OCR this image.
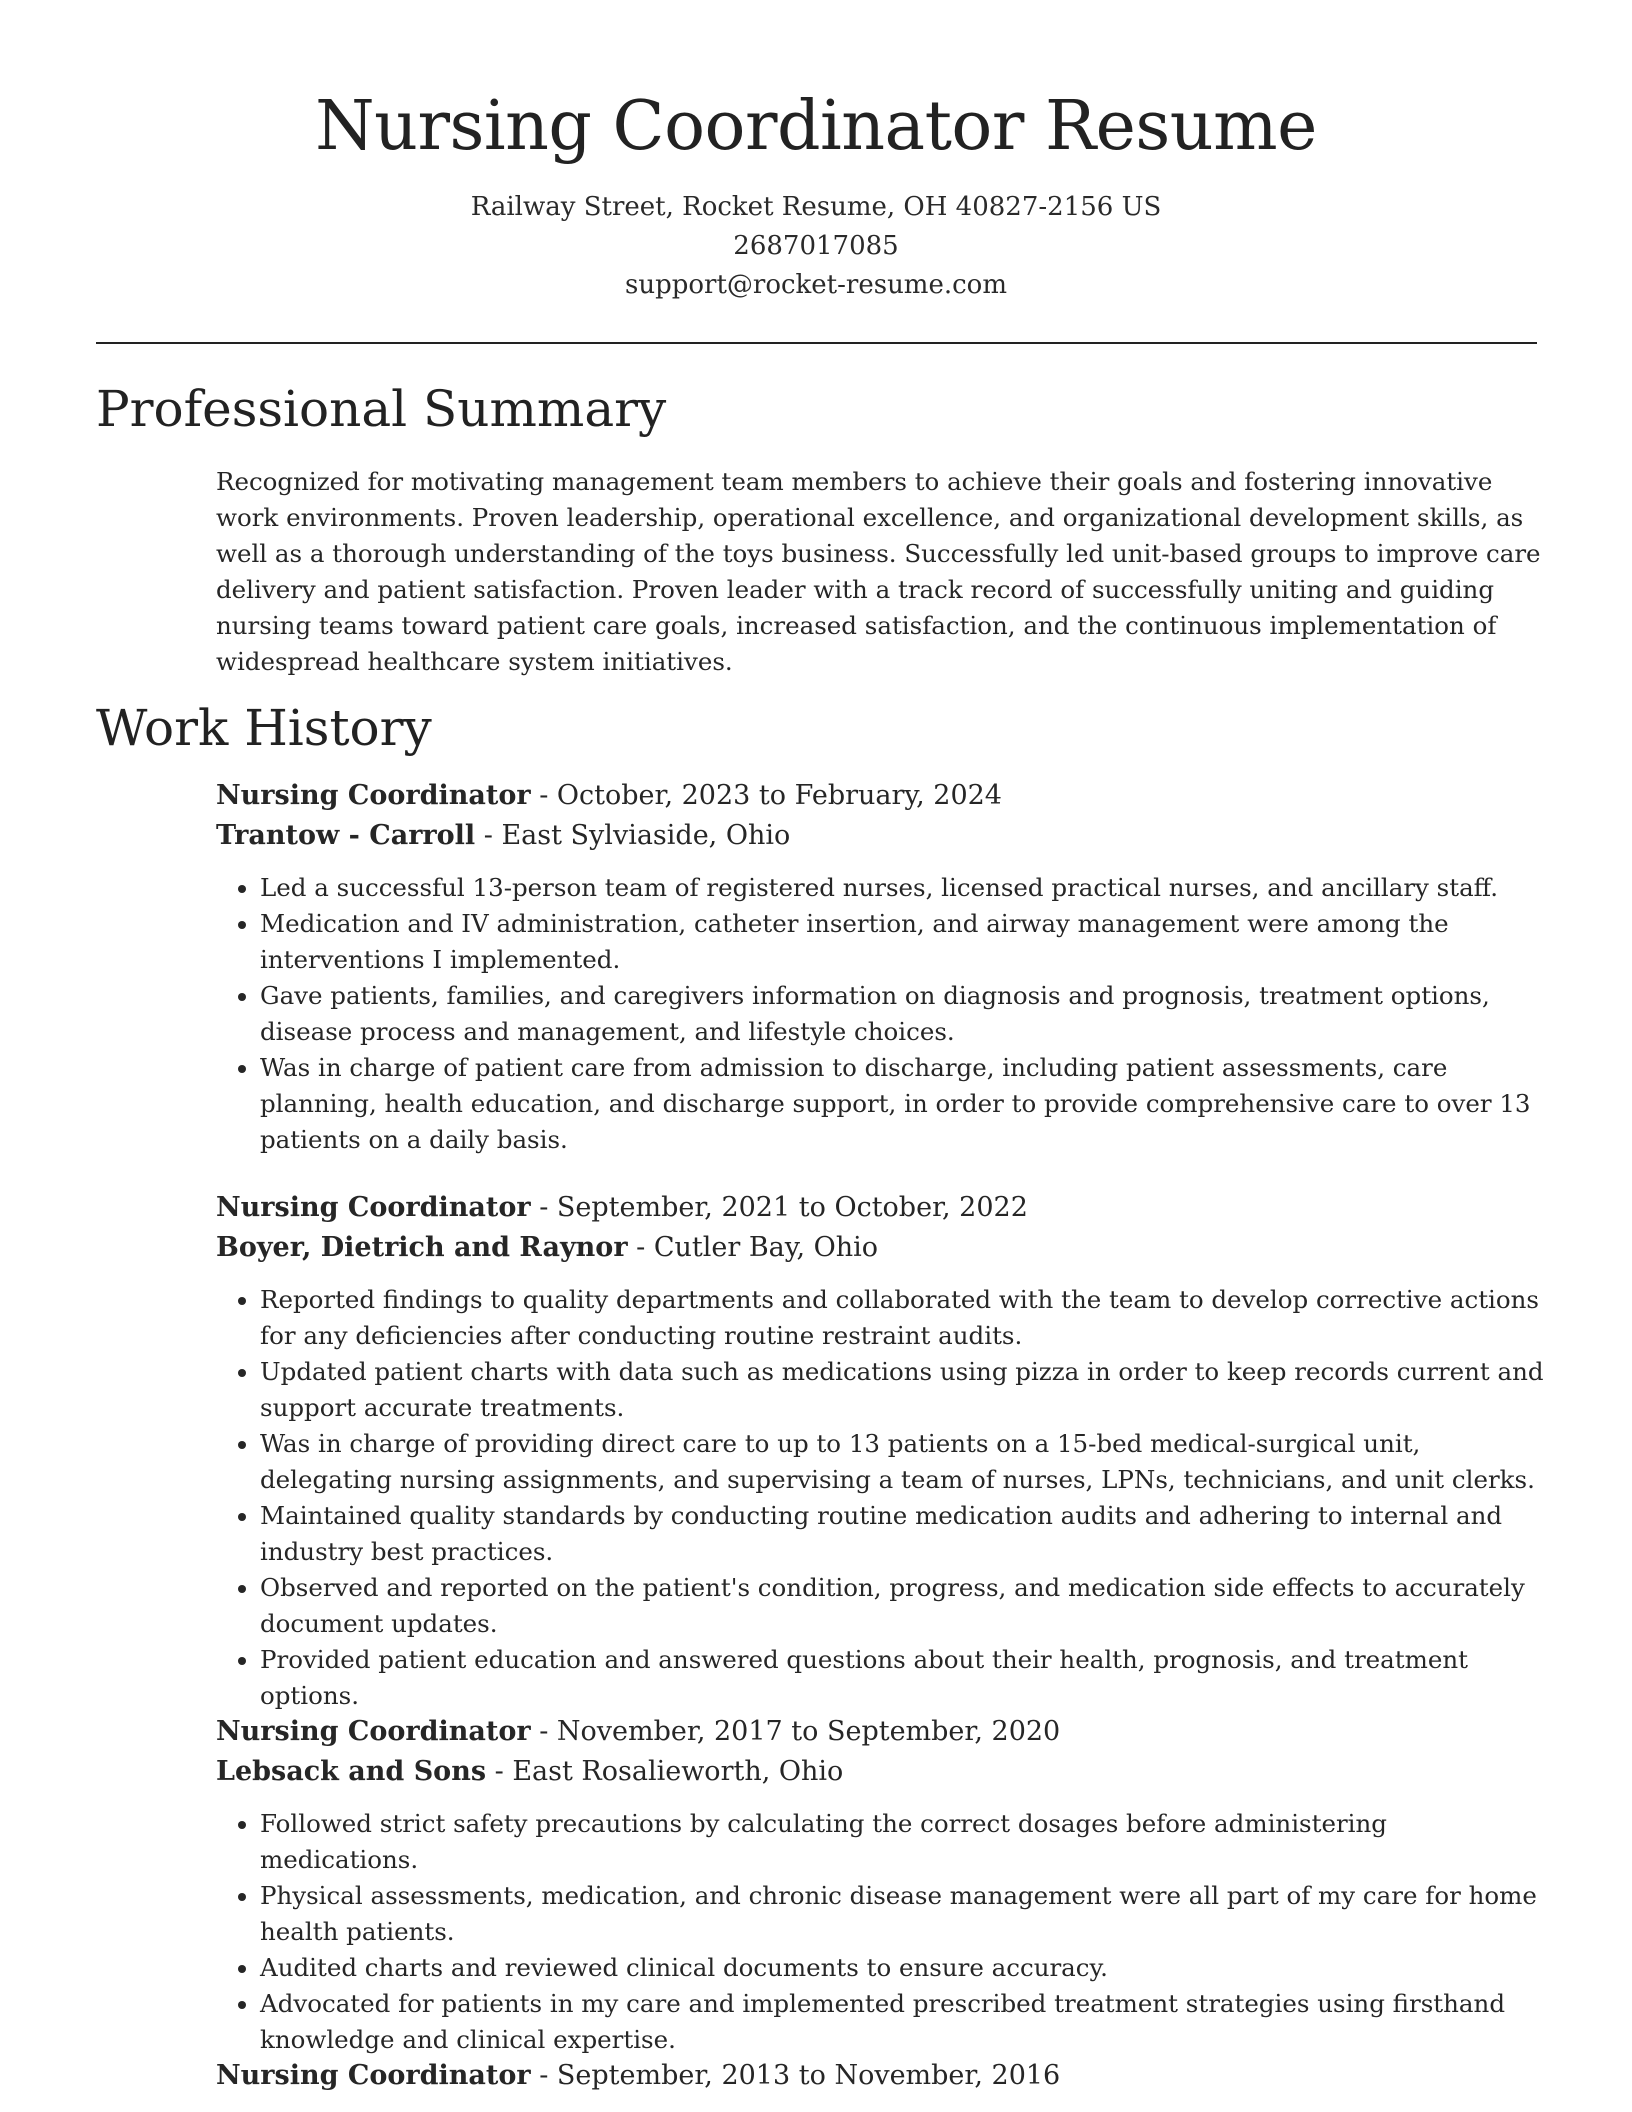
Nursing Coordinator Resume
Railway Street, Rocket Resume, OH 40827-2156 US
2687017085
support@rocket-resume.com
Professional Summary

Recognized for motivating management team members to achieve their goals and fostering innovative work environments. Proven leadership, operational excellence, and organizational development skills, as well as a thorough understanding of the toys business. Successfully led unit-based groups to improve care delivery and patient satisfaction. Proven leader with a track record of successfully uniting and guiding nursing teams toward patient care goals, increased satisfaction, and the continuous implementation of widespread healthcare system initiatives.

Work History
Nursing Coordinator - October, 2023 to February, 2024
Trantow - Carroll - East Sylviaside, Ohio
• Led a successful 13-person team of registered nurses, licensed practical nurses, and ancillary staff.
• Medication and IV administration, catheter insertion, and airway management were among the interventions I implemented.
• Gave patients, families, and caregivers information on diagnosis and prognosis, treatment options, disease process and management, and lifestyle choices.
• Was in charge of patient care from admission to discharge, including patient assessments, care planning, health education, and discharge support, in order to provide comprehensive care to over 13 patients on a daily basis.
Nursing Coordinator - September, 2021 to October, 2022
Boyer, Dietrich and Raynor - Cutler Bay, Ohio
• Reported findings to quality departments and collaborated with the team to develop corrective actions for any deficiencies after conducting routine restraint audits.
• Updated patient charts with data such as medications using pizza in order to keep records current and support accurate treatments.
• Was in charge of providing direct care to up to 13 patients on a 15-bed medical-surgical unit, delegating nursing assignments, and supervising a team of nurses, LPNs, technicians, and unit clerks.
• Maintained quality standards by conducting routine medication audits and adhering to internal and industry best practices.
• Observed and reported on the patient's condition, progress, and medication side effects to accurately document updates.
• Provided patient education and answered questions about their health, prognosis, and treatment options.
Nursing Coordinator - November, 2017 to September, 2020
Lebsack and Sons - East Rosalieworth, Ohio
• Followed strict safety precautions by calculating the correct dosages before administering medications.
• Physical assessments, medication, and chronic disease management were all part of my care for home health patients.
• Audited charts and reviewed clinical documents to ensure accuracy.
• Advocated for patients in my care and implemented prescribed treatment strategies using firsthand knowledge and clinical expertise.
Nursing Coordinator - September, 2013 to November, 2016
